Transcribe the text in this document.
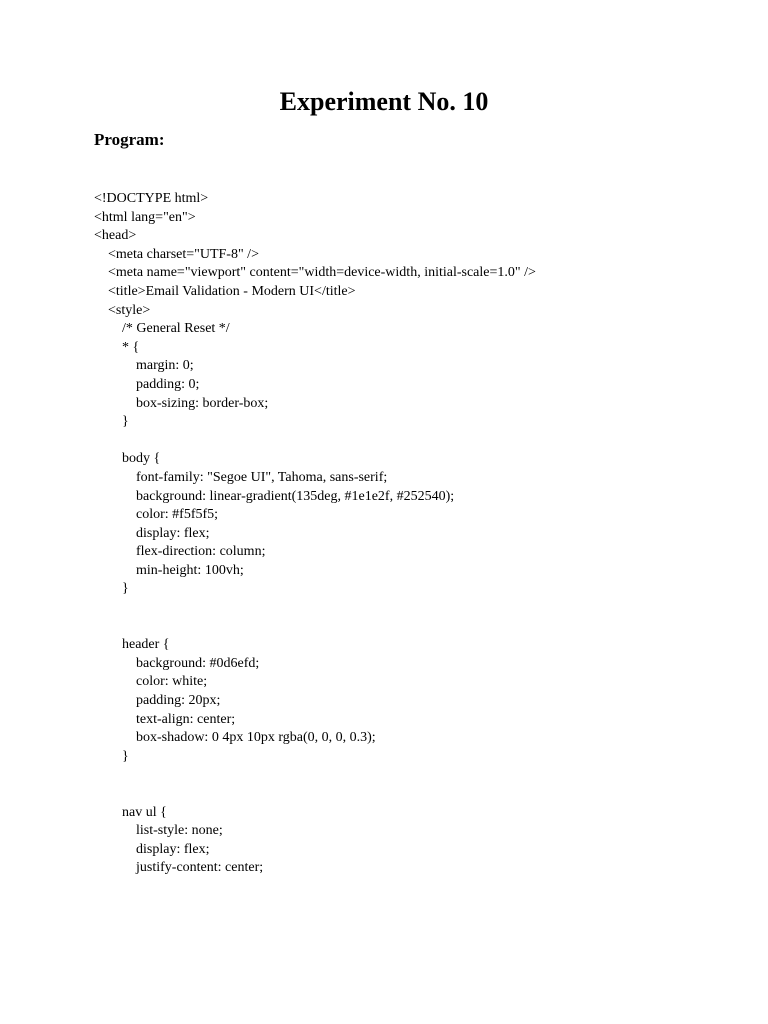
Experiment No. 10
Program:
<!DOCTYPE html>
<html lang="en">
<head>
<meta charset="UTF-8" />
<meta name="viewport" content="width=device-width, initial-scale=1.0" />
<title>Email Validation - Modern UI</title>
<style>
/* General Reset */
* {
margin: 0;
padding: 0;
box-sizing: border-box;
}
body {
font-family: "Segoe UI", Tahoma, sans-serif;
background: linear-gradient(135deg, #1e1e2f, #252540);
color: #f5f5f5;
display: flex;
flex-direction: column;
min-height: 100vh;
}
header {
background: #0d6efd;
color: white;
padding: 20px;
text-align: center;
box-shadow: 0 4px 10px rgba(0, 0, 0, 0.3);
}
nav ul {
list-style: none;
display: flex;
justify-content: center;
